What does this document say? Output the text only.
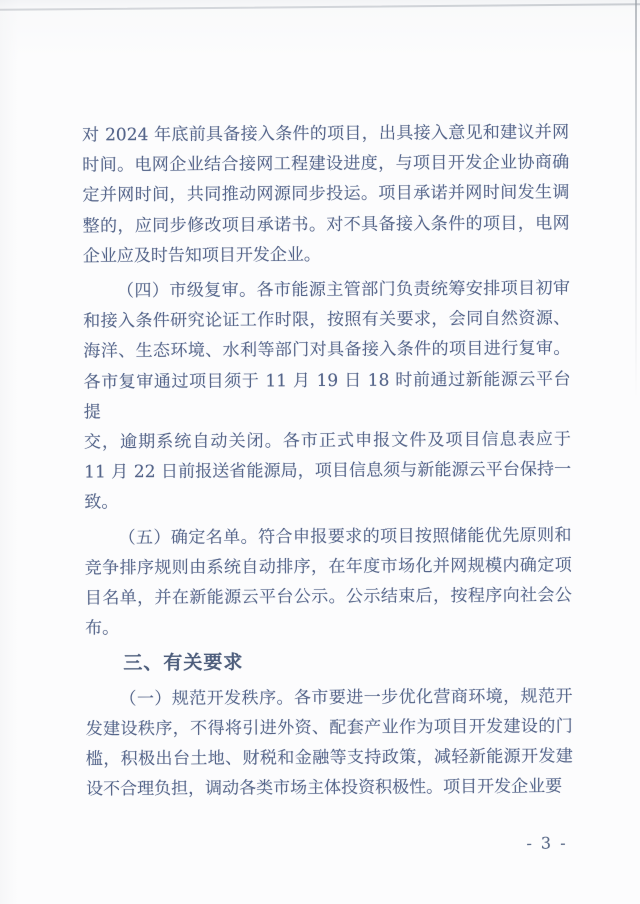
对 2024 年底前具备接入条件的项目，出具接入意见和建议并网
时间。电网企业结合接网工程建设进度，与项目开发企业协商确
定并网时间，共同推动网源同步投运。项目承诺并网时间发生调
整的，应同步修改项目承诺书。对不具备接入条件的项目，电网
企业应及时告知项目开发企业。
（四）市级复审。各市能源主管部门负责统筹安排项目初审
和接入条件研究论证工作时限，按照有关要求，会同自然资源、
海洋、生态环境、水利等部门对具备接入条件的项目进行复审。
各市复审通过项目须于 11 月 19 日 18 时前通过新能源云平台提
交，逾期系统自动关闭。各市正式申报文件及项目信息表应于
11 月 22 日前报送省能源局，项目信息须与新能源云平台保持一
致。
（五）确定名单。符合申报要求的项目按照储能优先原则和
竞争排序规则由系统自动排序，在年度市场化并网规模内确定项
目名单，并在新能源云平台公示。公示结束后，按程序向社会公
布。
三、有关要求
（一）规范开发秩序。各市要进一步优化营商环境，规范开
发建设秩序，不得将引进外资、配套产业作为项目开发建设的门
槛，积极出台土地、财税和金融等支持政策，减轻新能源开发建
设不合理负担，调动各类市场主体投资积极性。项目开发企业要
- 3 -
